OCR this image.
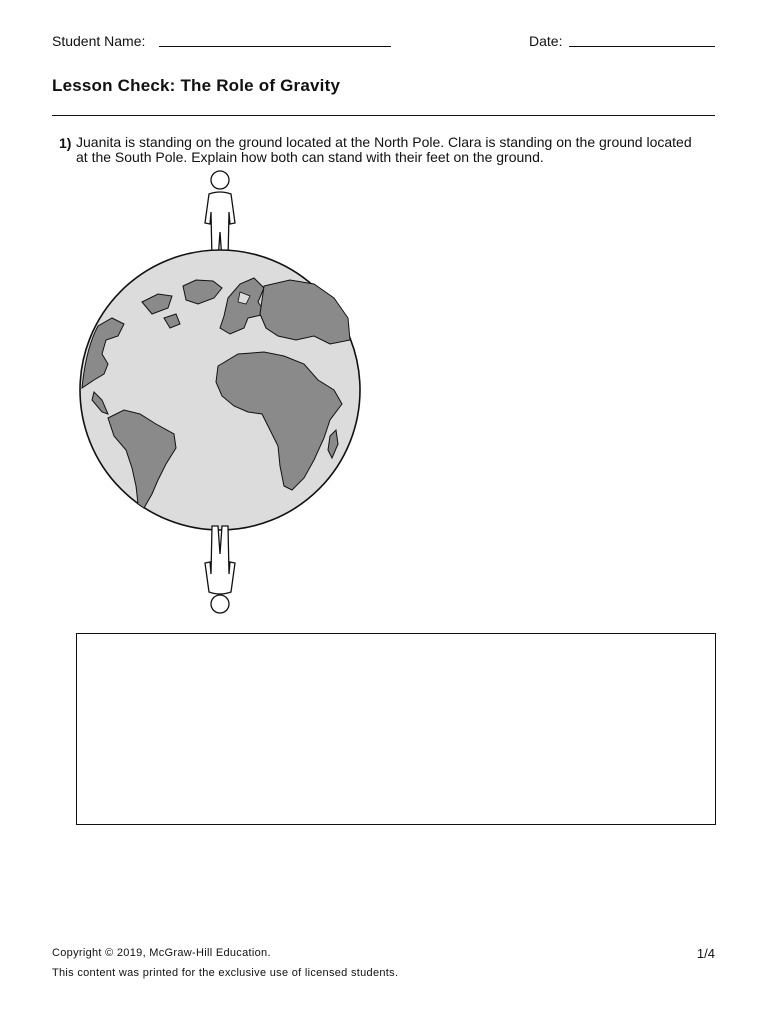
Student Name:	Date:
Lesson Check: The Role of Gravity
1) Juanita is standing on the ground located at the North Pole. Clara is standing on the ground located at the South Pole. Explain how both can stand with their feet on the ground.
Copyright © 2019, McGraw-Hill Education.
This content was printed for the exclusive use of licensed students.
1/4
